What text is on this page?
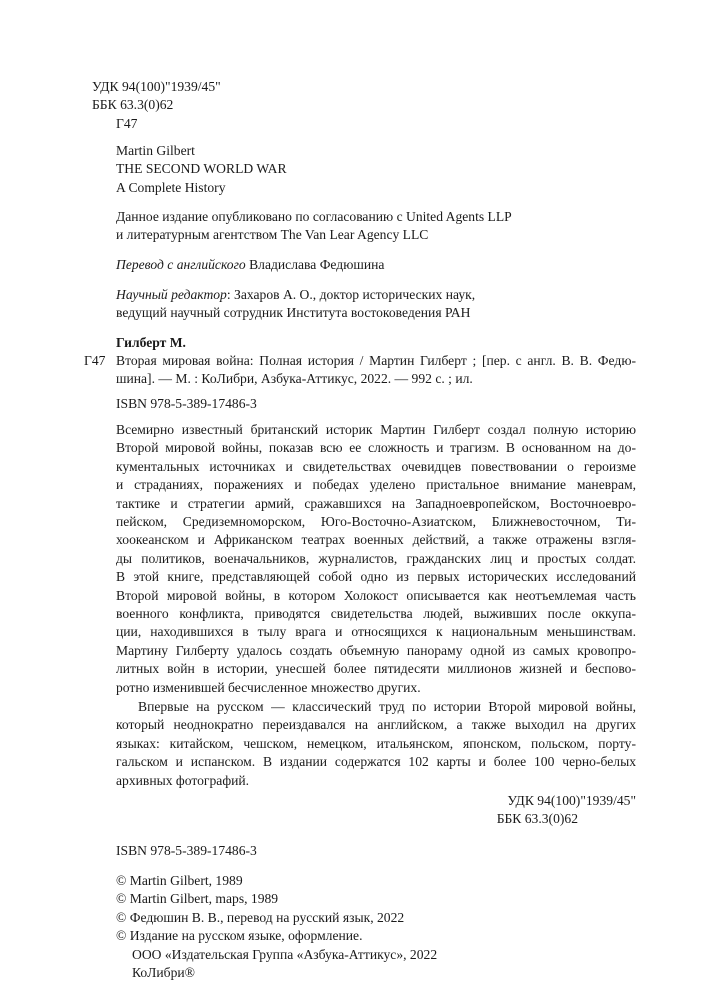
УДК 94(100)"1939/45"
ББК 63.3(0)62
Г47
Martin Gilbert
THE SECOND WORLD WAR
A Complete History
Данное издание опубликовано по согласованию с United Agents LLP
и литературным агентством The Van Lear Agency LLC
Перевод с английского Владислава Федюшина
Научный редактор: Захаров А. О., доктор исторических наук,
ведущий научный сотрудник Института востоковедения РАН
Гилберт М.
Г47 Вторая мировая война: Полная история / Мартин Гилберт ; [пер. с англ. В. В. Федю-
шина]. — М. : КоЛибри, Азбука-Аттикус, 2022. — 992 с. ; ил.
ISBN 978-5-389-17486-3
Всемирно известный британский историк Мартин Гилберт создал полную историю
Второй мировой войны, показав всю ее сложность и трагизм. В основанном на до-
кументальных источниках и свидетельствах очевидцев повествовании о героизме
и страданиях, поражениях и победах уделено пристальное внимание маневрам,
тактике и стратегии армий, сражавшихся на Западноевропейском, Восточноевро-
пейском, Средиземноморском, Юго-Восточно-Азиатском, Ближневосточном, Ти-
хоокеанском и Африканском театрах военных действий, а также отражены взгля-
ды политиков, военачальников, журналистов, гражданских лиц и простых солдат.
В этой книге, представляющей собой одно из первых исторических исследований
Второй мировой войны, в котором Холокост описывается как неотъемлемая часть
военного конфликта, приводятся свидетельства людей, выживших после оккупа-
ции, находившихся в тылу врага и относящихся к национальным меньшинствам.
Мартину Гилберту удалось создать объемную панораму одной из самых кровопро-
литных войн в истории, унесшей более пятидесяти миллионов жизней и беспово-
ротно изменившей бесчисленное множество других.
Впервые на русском — классический труд по истории Второй мировой войны,
который неоднократно переиздавался на английском, а также выходил на других
языках: китайском, чешском, немецком, итальянском, японском, польском, порту-
гальском и испанском. В издании содержатся 102 карты и более 100 черно-белых
архивных фотографий.
УДК 94(100)"1939/45"
ББК 63.3(0)62
ISBN 978-5-389-17486-3
© Martin Gilbert, 1989
© Martin Gilbert, maps, 1989
© Федюшин В. В., перевод на русский язык, 2022
© Издание на русском языке, оформление.
ООО «Издательская Группа «Азбука-Аттикус», 2022
КоЛибри®
